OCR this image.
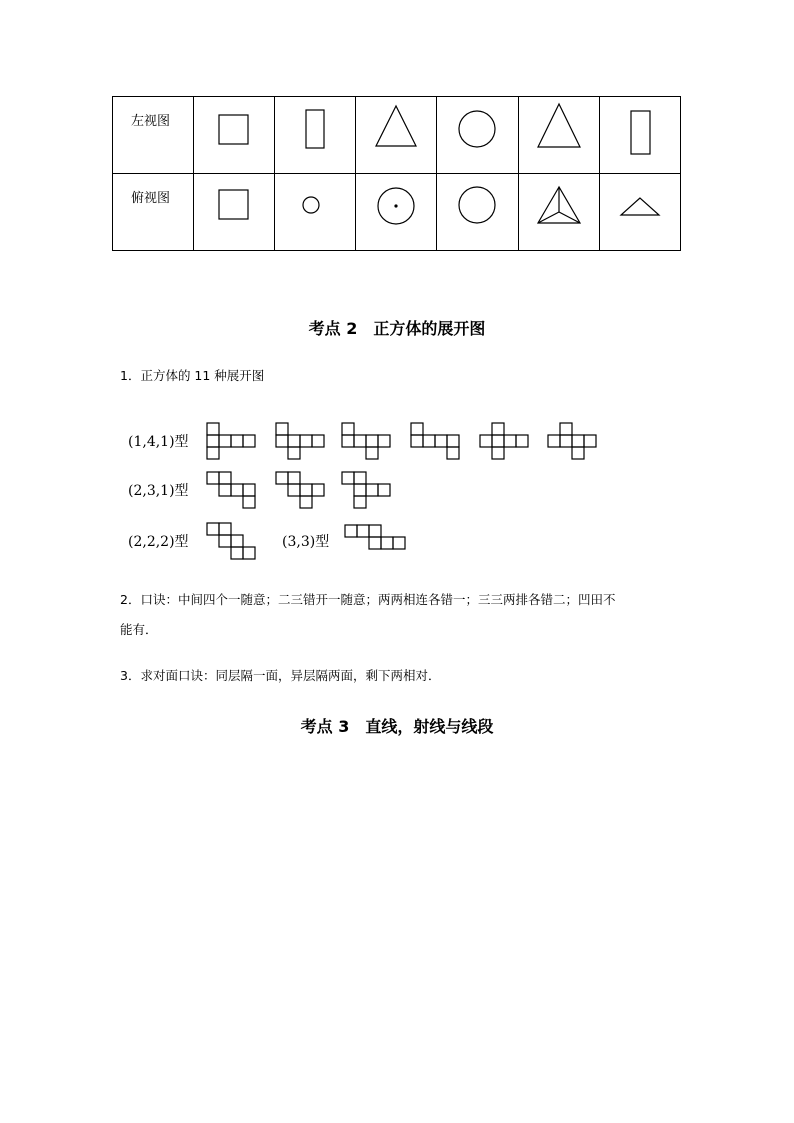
左视图

俯视图

考点 2　正方体的展开图
1．正方体的 11 种展开图
(1,4,1)型
(2,3,1)型
(2,2,2)型	(3,3)型
2．口诀：中间四个一随意；二三错开一随意；两两相连各错一；三三两排各错二；凹田不
能有．
3．求对面口诀：同层隔一面，异层隔两面，剩下两相对．
考点 3　直线，射线与线段
